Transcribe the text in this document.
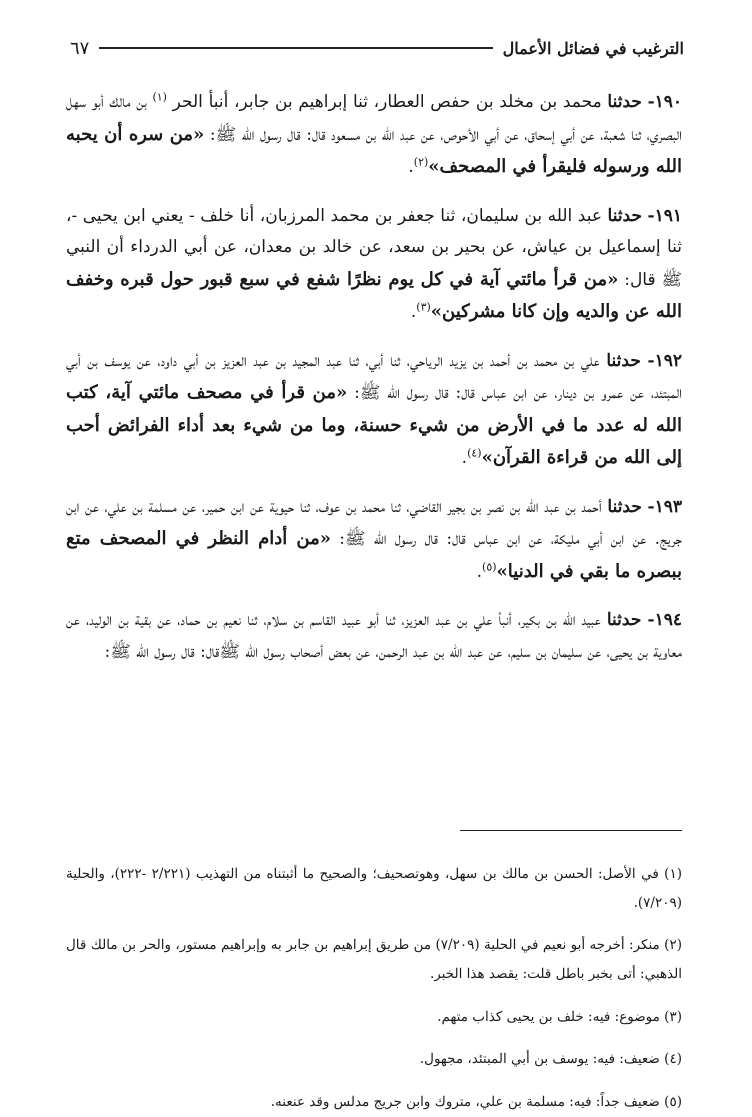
الترغيب في فضائل الأعمال
٦٧

١٩٠- حدثنا محمد بن مخلد بن حفص العطار، ثنا إبراهيم بن جابر، أنبأ الحر $^{(١)}$ بن مالك أبو سهل البصري، ثنا شعبة، عن أبي إسحاق، عن أبي الأحوص، عن عبد الله بن مسعود قال: قال رسول الله ﷺ: «من سره أن يحبه الله ورسوله فليقرأ في المصحف»$^{(٢)}$.

١٩١- حدثنا عبد الله بن سليمان، ثنا جعفر بن محمد المرزبان، أنا خلف - يعني ابن يحيى -، ثنا إسماعيل بن عياش، عن بحير بن سعد، عن خالد بن معدان، عن أبي الدرداء أن النبي ﷺ قال: «من قرأ مائتي آية في كل يوم نظرًا شفع في سبع قبور حول قبره وخفف الله عن والديه وإن كانا مشركين»$^{(٣)}$.

١٩٢- حدثنا علي بن محمد بن أحمد بن يزيد الرياحي، ثنا أبي، ثنا عبد المجيد بن عبد العزيز بن أبي داود، عن يوسف بن أبي المبتئد، عن عمرو بن دينار، عن ابن عباس قال: قال رسول الله ﷺ: «من قرأ في مصحف مائتي آية، كتب الله له عدد ما في الأرض من شيء حسنة، وما من شيء بعد أداء الفرائض أحب إلى الله من قراءة القرآن»$^{(٤)}$.

١٩٣- حدثنا أحمد بن عبد الله بن نصر بن بجير القاضي، ثنا محمد بن عوف، ثنا حيوية عن ابن حمير، عن مسلمة بن علي، عن ابن جريج. عن ابن أبي مليكة، عن ابن عباس قال: قال رسول الله ﷺ: «من أدام النظر في المصحف متع ببصره ما بقي في الدنيا»$^{(٥)}$.

١٩٤- حدثنا عبيد الله بن بكير، أنبأ علي بن عبد العزيز، ثنا أبو عبيد القاسم بن سلام، ثنا نعيم بن حماد، عن بقية بن الوليد، عن معاوية بن يحيى، عن سليمان بن سليم، عن عبد الله بن عبد الرحمن، عن بعض أصحاب رسول الله ﷺقال: قال رسول الله ﷺ:

(١) في الأصل: الحسن بن مالك بن سهل، وهوتصحيف؛ والصحيح ما أثبتناه من التهذيب (٢/٢٢١ -٢٢٢)، والحلية (٧/٢٠٩).

(٢) منكر: أخرجه أبو نعيم في الحلية (٧/٢٠٩) من طريق إبراهيم بن جابر به وإبراهيم مستور، والحر بن مالك قال الذهبي: أتى بخبر باطل قلت: يقصد هذا الخبر.

(٣) موضوع: فيه: خلف بن يحيى كذاب متهم.

(٤) ضعيف: فيه: يوسف بن أبي المبتئد، مجهول.

(٥) ضعيف جداً: فيه: مسلمة بن علي، متروك وابن جريج مدلس وقد عنعنه.
